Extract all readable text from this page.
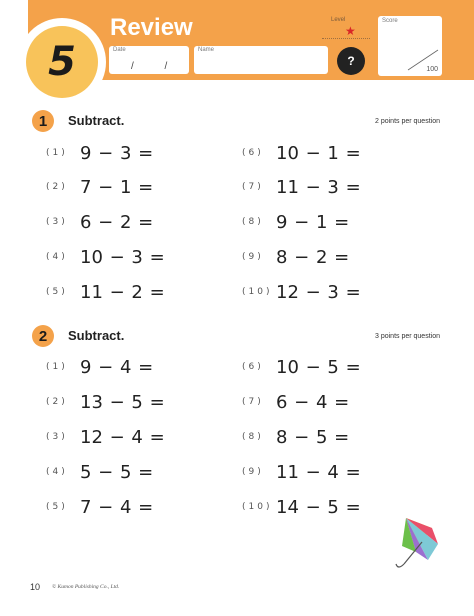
Date
/ /
Name
Score
100
Review	Level
★
?
5
1	Subtract.	2 points per question
(1) 9 − 3 =
(2) 7 − 1 =
(3) 6 − 2 =
(4) 10 − 3 =
(5) 11 − 2 =
(6) 10 − 1 =
(7) 11 − 3 =
(8) 9 − 1 =
(9) 8 − 2 =
(10) 12 − 3 =
2	Subtract.	3 points per question
(1) 9 − 4 =
(2) 13 − 5 =
(3) 12 − 4 =
(4) 5 − 5 =
(5) 7 − 4 =
(6) 10 − 5 =
(7) 6 − 4 =
(8) 8 − 5 =
(9) 11 − 4 =
(10) 14 − 5 =
10 © Kumon Publishing Co., Ltd.
